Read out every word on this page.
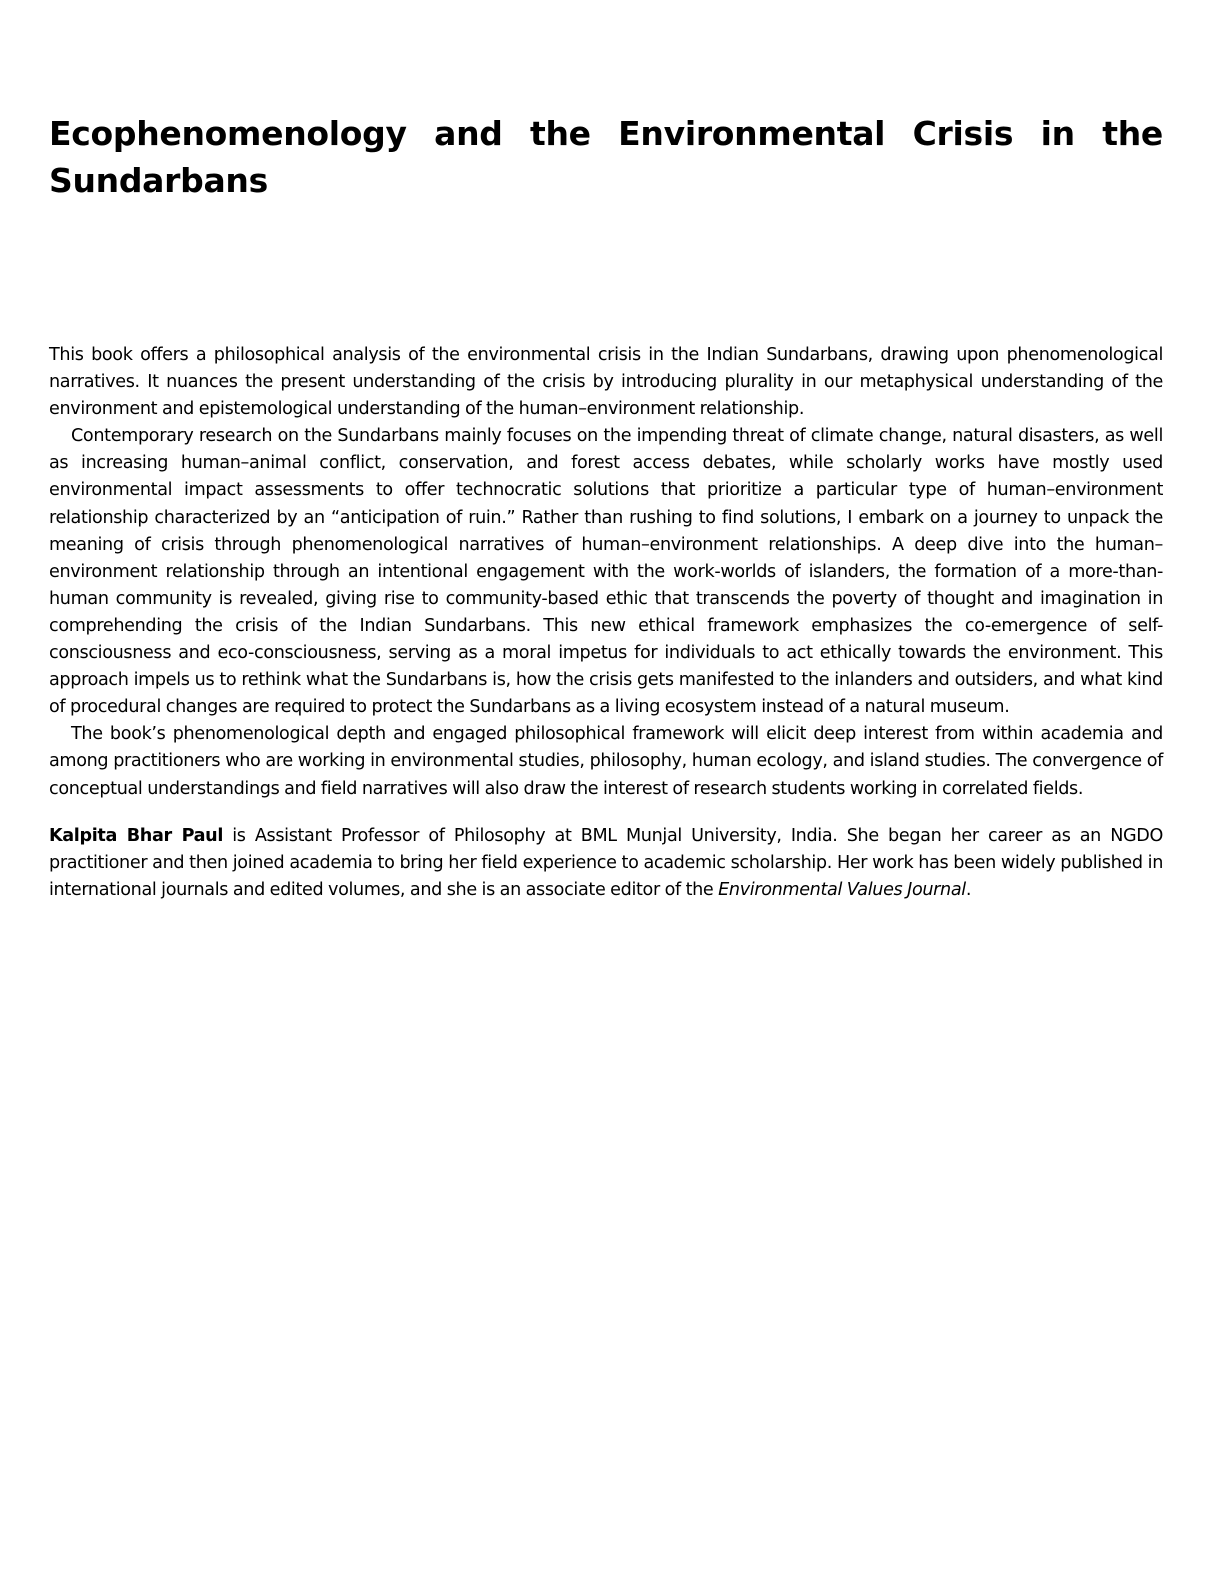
Ecophenomenology and the Environmental Crisis in the Sundarbans

This book offers a philosophical analysis of the environmental crisis in the Indian Sundarbans, drawing upon phenomenological narratives. It nuances the present understanding of the crisis by introducing plurality in our metaphysical understanding of the environment and epistemological understanding of the human–environment relationship.

Contemporary research on the Sundarbans mainly focuses on the impending threat of climate change, natural disasters, as well as increasing human–animal conflict, conservation, and forest access debates, while scholarly works have mostly used environmental impact assessments to offer technocratic solutions that prioritize a particular type of human–environment relationship characterized by an “anticipation of ruin.” Rather than rushing to find solutions, I embark on a journey to unpack the meaning of crisis through phenomenological narratives of human–environment relationships. A deep dive into the human–environment relationship through an intentional engagement with the work-worlds of islanders, the formation of a more-than-human community is revealed, giving rise to community-based ethic that transcends the poverty of thought and imagination in comprehending the crisis of the Indian Sundarbans. This new ethical framework emphasizes the co-emergence of self-consciousness and eco-consciousness, serving as a moral impetus for individuals to act ethically towards the environment. This approach impels us to rethink what the Sundarbans is, how the crisis gets manifested to the inlanders and outsiders, and what kind of procedural changes are required to protect the Sundarbans as a living ecosystem instead of a natural museum.

The book’s phenomenological depth and engaged philosophical framework will elicit deep interest from within academia and among practitioners who are working in environmental studies, philosophy, human ecology, and island studies. The convergence of conceptual understandings and field narratives will also draw the interest of research students working in correlated fields.

Kalpita Bhar Paul is Assistant Professor of Philosophy at BML Munjal University, India. She began her career as an NGDO practitioner and then joined academia to bring her field experience to academic scholarship. Her work has been widely published in international journals and edited volumes, and she is an associate editor of the Environmental Values Journal.
